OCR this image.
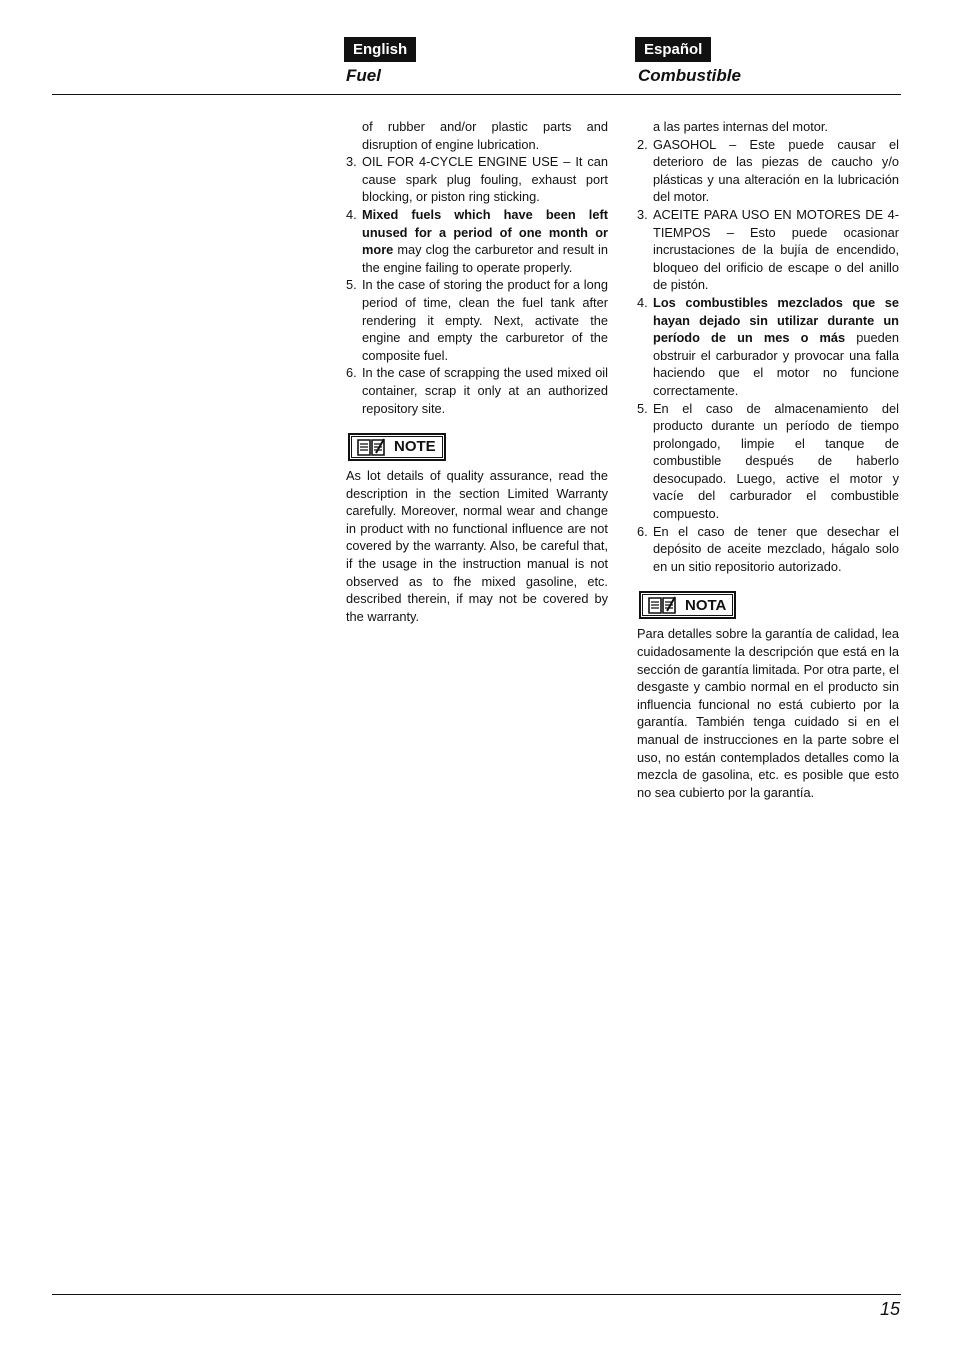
English
Fuel
Español
Combustible
of rubber and/or plastic parts and disruption of engine lubrication.
3. OIL FOR 4-CYCLE ENGINE USE – It can cause spark plug fouling, exhaust port blocking, or piston ring sticking.
4. Mixed fuels which have been left unused for a period of one month or more may clog the carburetor and result in the engine failing to operate properly.
5. In the case of storing the product for a long period of time, clean the fuel tank after rendering it empty. Next, activate the engine and empty the carburetor of the composite fuel.
6. In the case of scrapping the used mixed oil container, scrap it only at an authorized repository site.
NOTE
As lot details of quality assurance, read the description in the section Limited Warranty carefully. Moreover, normal wear and change in product with no functional influence are not covered by the warranty. Also, be careful that, if the usage in the instruction manual is not observed as to fhe mixed gasoline, etc. described therein, if may not be covered by the warranty.
a las partes internas del motor.
2. GASOHOL – Este puede causar el deterioro de las piezas de caucho y/o plásticas y una alteración en la lubricación del motor.
3. ACEITE PARA USO EN MOTORES DE 4-TIEMPOS – Esto puede ocasionar incrustaciones de la bujía de encendido, bloqueo del orificio de escape o del anillo de pistón.
4. Los combustibles mezclados que se hayan dejado sin utilizar durante un período de un mes o más pueden obstruir el carburador y provocar una falla haciendo que el motor no funcione correctamente.
5. En el caso de almacenamiento del producto durante un período de tiempo prolongado, limpie el tanque de combustible después de haberlo desocupado. Luego, active el motor y vacíe del carburador el combustible compuesto.
6. En el caso de tener que desechar el depósito de aceite mezclado, hágalo solo en un sitio repositorio autorizado.
NOTA
Para detalles sobre la garantía de calidad, lea cuidadosamente la descripción que está en la sección de garantía limitada. Por otra parte, el desgaste y cambio normal en el producto sin influencia funcional no está cubierto por la garantía. También tenga cuidado si en el manual de instrucciones en la parte sobre el uso, no están contemplados detalles como la mezcla de gasolina, etc. es posible que esto no sea cubierto por la garantía.
15
